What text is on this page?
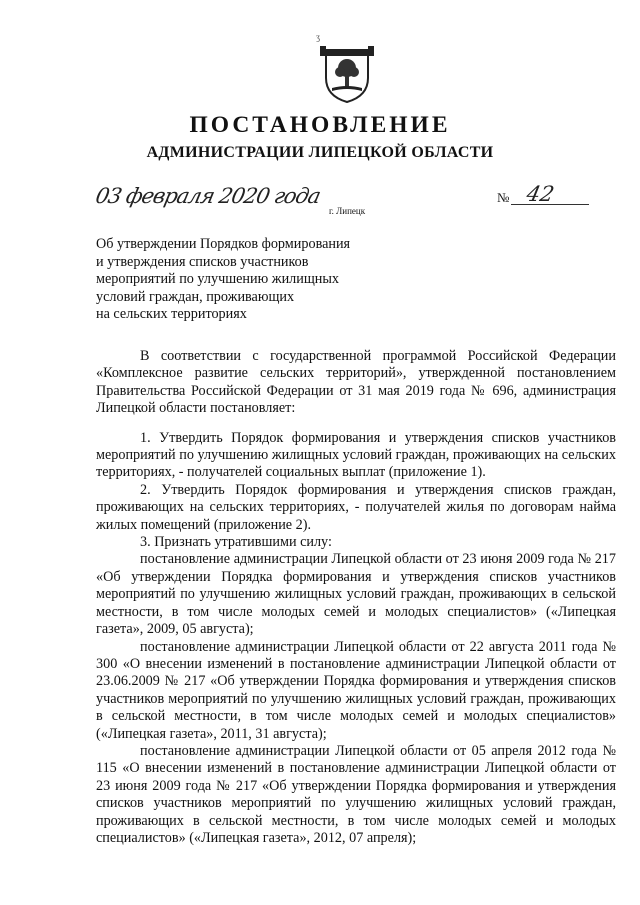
ʒ
ПОСТАНОВЛЕНИЕ
АДМИНИСТРАЦИИ ЛИПЕЦКОЙ ОБЛАСТИ
03 февраля 2020 года
г. Липецк
№ 42
Об утверждении Порядков формирования
и утверждения списков участников
мероприятий по улучшению жилищных
условий граждан, проживающих
на сельских территориях
В соответствии с государственной программой Российской Федерации «Комплексное развитие сельских территорий», утвержденной постановлением Правительства Российской Федерации от 31 мая 2019 года № 696, администрация Липецкой области постановляет:
1. Утвердить Порядок формирования и утверждения списков участников мероприятий по улучшению жилищных условий граждан, проживающих на сельских территориях, - получателей социальных выплат (приложение 1).
2. Утвердить Порядок формирования и утверждения списков граждан, проживающих на сельских территориях, - получателей жилья по договорам найма жилых помещений (приложение 2).
3. Признать утратившими силу:
постановление администрации Липецкой области от 23 июня 2009 года № 217 «Об утверждении Порядка формирования и утверждения списков участников мероприятий по улучшению жилищных условий граждан, проживающих в сельской местности, в том числе молодых семей и молодых специалистов» («Липецкая газета», 2009, 05 августа);
постановление администрации Липецкой области от 22 августа 2011 года № 300 «О внесении изменений в постановление администрации Липецкой области от 23.06.2009 № 217 «Об утверждении Порядка формирования и утверждения списков участников мероприятий по улучшению жилищных условий граждан, проживающих в сельской местности, в том числе молодых семей и молодых специалистов» («Липецкая газета», 2011, 31 августа);
постановление администрации Липецкой области от 05 апреля 2012 года № 115 «О внесении изменений в постановление администрации Липецкой области от 23 июня 2009 года № 217 «Об утверждении Порядка формирования и утверждения списков участников мероприятий по улучшению жилищных условий граждан, проживающих в сельской местности, в том числе молодых семей и молодых специалистов» («Липецкая газета», 2012, 07 апреля);
